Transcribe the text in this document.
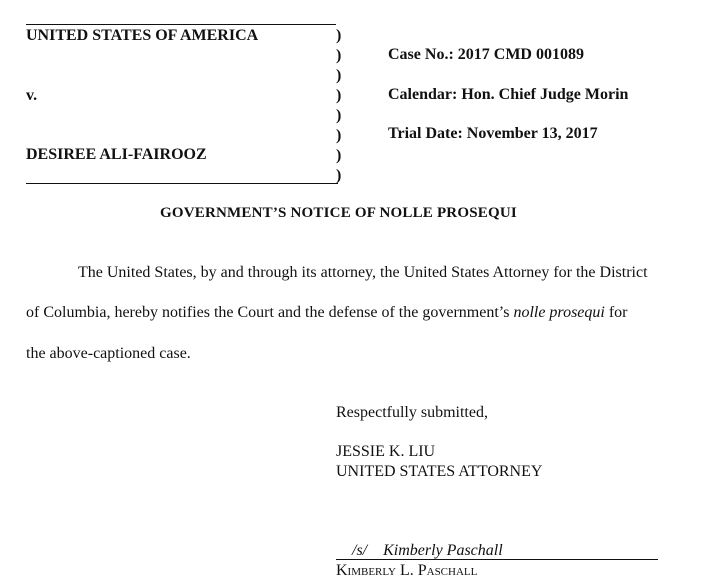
UNITED STATES OF AMERICA
v.
DESIREE ALI-FAIROOZ
)
)
)
)
)
)
)
)
Case No.: 2017 CMD 001089
Calendar: Hon. Chief Judge Morin
Trial Date: November 13, 2017
GOVERNMENT’S NOTICE OF NOLLE PROSEQUI
The United States, by and through its attorney, the United States Attorney for the District
of Columbia, hereby notifies the Court and the defense of the government’s nolle prosequi for
the above-captioned case.
Respectfully submitted,
JESSIE K. LIU
UNITED STATES ATTORNEY
/s/ Kimberly Paschall
Kimberly L. Paschall
